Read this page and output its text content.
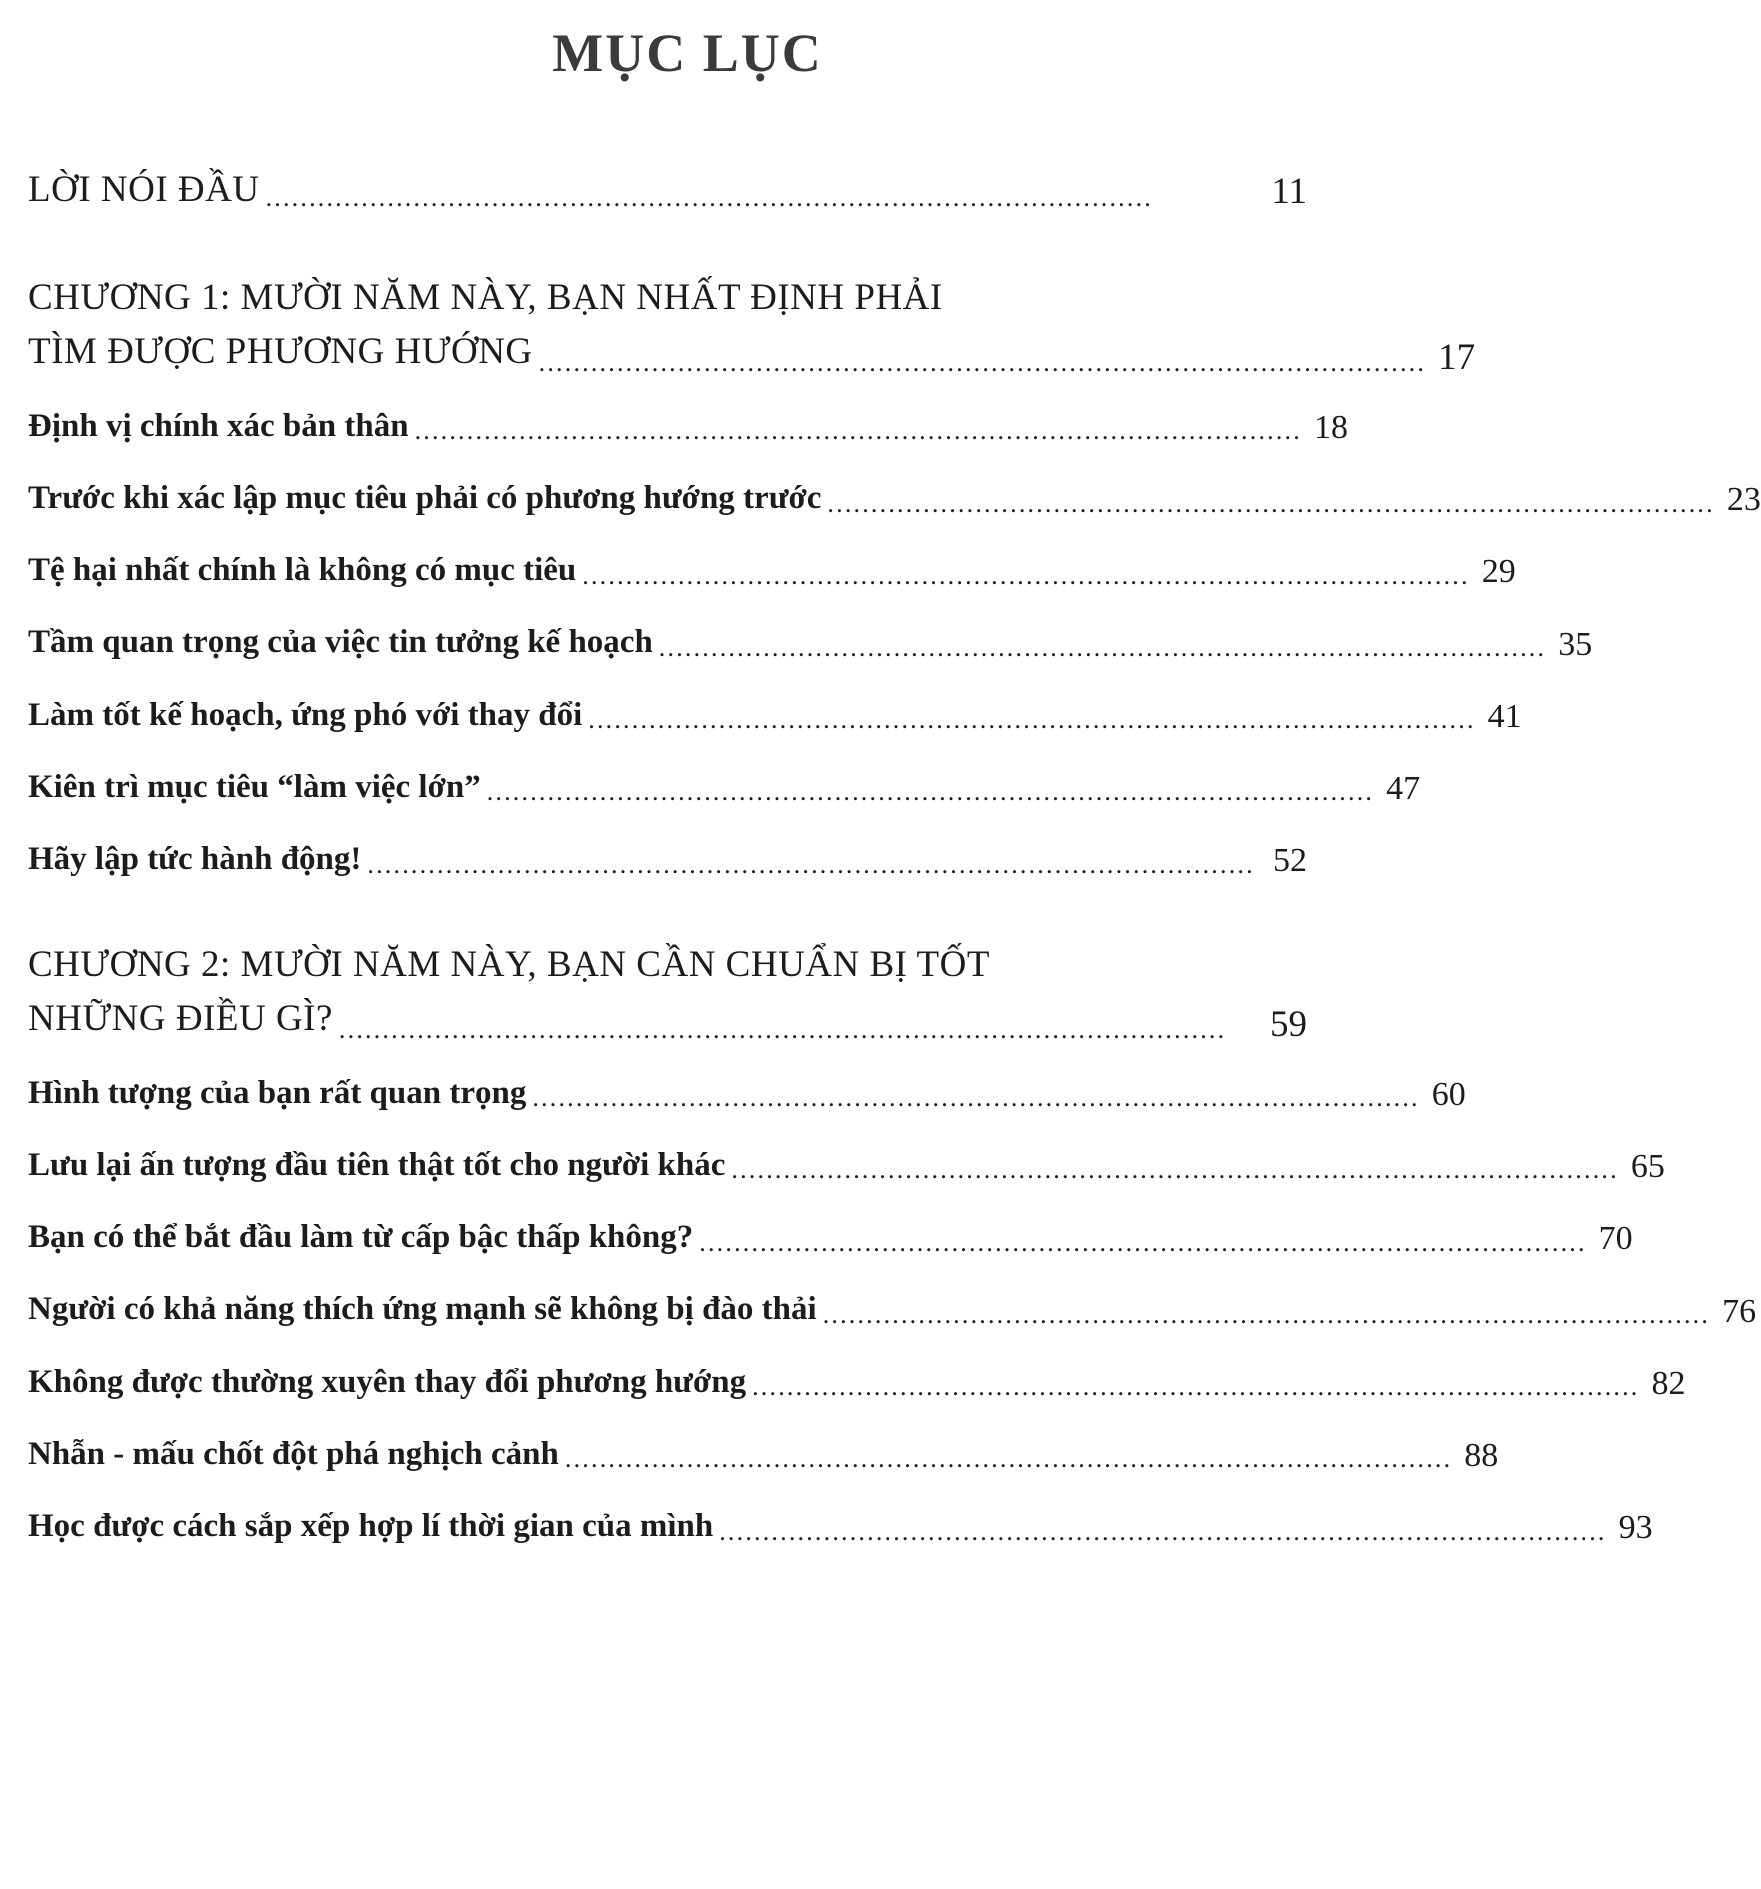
MỤC LỤC
LỜI NÓI ĐẦU ......................................................................................................	11
CHƯƠNG 1: MƯỜI NĂM NÀY, BẠN NHẤT ĐỊNH PHẢI
TÌM ĐƯỢC PHƯƠNG HƯỚNG ...................................................................................................... 17
Định vị chính xác bản thân ...................................................................................................... 18
Trước khi xác lập mục tiêu phải có phương hướng trước ...................................................................................................... 23
Tệ hại nhất chính là không có mục tiêu ...................................................................................................... 29
Tầm quan trọng của việc tin tưởng kế hoạch ...................................................................................................... 35
Làm tốt kế hoạch, ứng phó với thay đổi ...................................................................................................... 41
Kiên trì mục tiêu “làm việc lớn” ...................................................................................................... 47
Hãy lập tức hành động! ...................................................................................................... 52
CHƯƠNG 2: MƯỜI NĂM NÀY, BẠN CẦN CHUẨN BỊ TỐT
NHỮNG ĐIỀU GÌ? ......................................................................................................	59
Hình tượng của bạn rất quan trọng ...................................................................................................... 60
Lưu lại ấn tượng đầu tiên thật tốt cho người khác ...................................................................................................... 65
Bạn có thể bắt đầu làm từ cấp bậc thấp không? ...................................................................................................... 70
Người có khả năng thích ứng mạnh sẽ không bị đào thải ...................................................................................................... 76
Không được thường xuyên thay đổi phương hướng ...................................................................................................... 82
Nhẫn - mấu chốt đột phá nghịch cảnh ...................................................................................................... 88
Học được cách sắp xếp hợp lí thời gian của mình ...................................................................................................... 93
